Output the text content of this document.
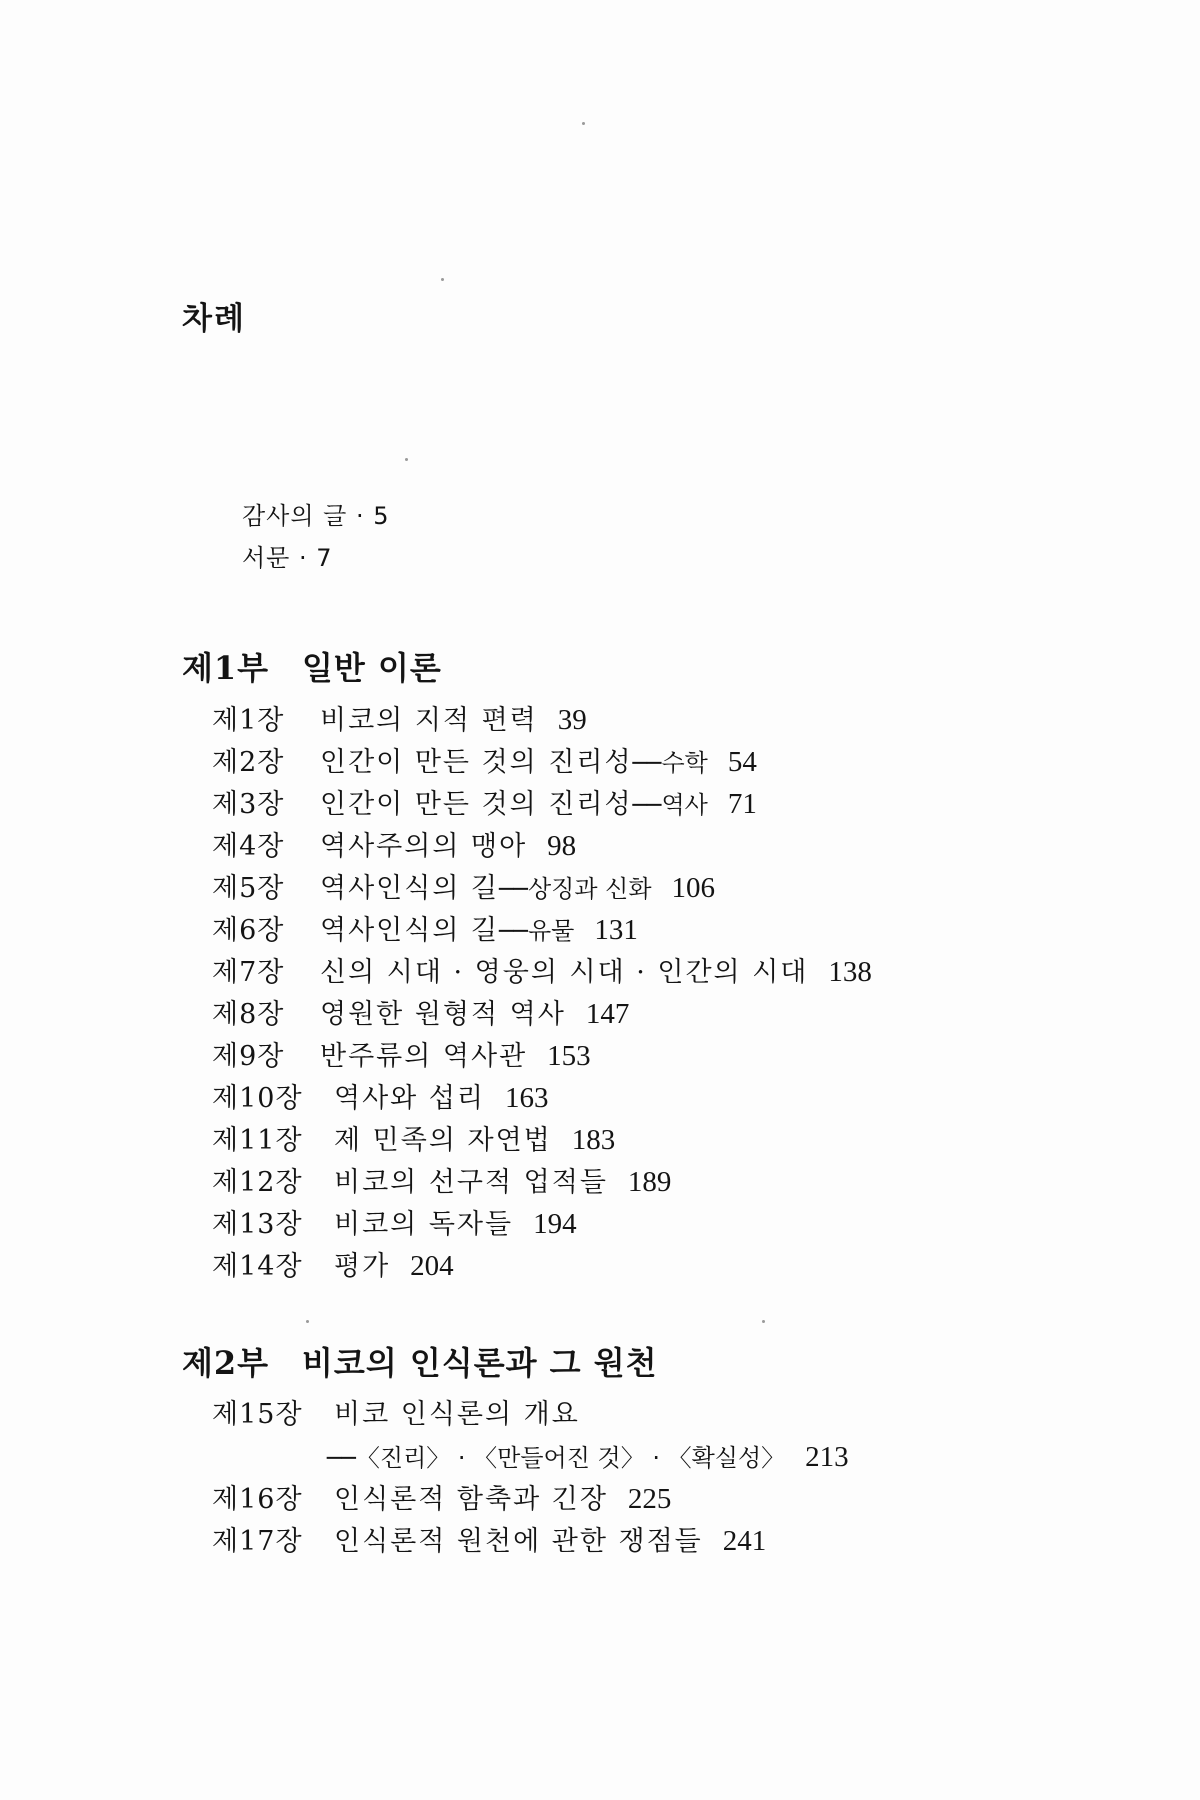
차례
감사의 글 · 5
서문 · 7
제1부 일반 이론
제1장 비코의 지적 편력 39
제2장 인간이 만든 것의 진리성──수학 54
제3장 인간이 만든 것의 진리성──역사 71
제4장 역사주의의 맹아 98
제5장 역사인식의 길──상징과 신화 106
제6장 역사인식의 길──유물 131
제7장 신의 시대 · 영웅의 시대 · 인간의 시대 138
제8장 영원한 원형적 역사 147
제9장 반주류의 역사관 153
제10장 역사와 섭리 163
제11장 제 민족의 자연법 183
제12장 비코의 선구적 업적들 189
제13장 비코의 독자들 194
제14장 평가 204
제2부 비코의 인식론과 그 원천
제15장 비코 인식론의 개요
──〈진리〉 · 〈만들어진 것〉 · 〈확실성〉 213
제16장 인식론적 함축과 긴장 225
제17장 인식론적 원천에 관한 쟁점들 241
